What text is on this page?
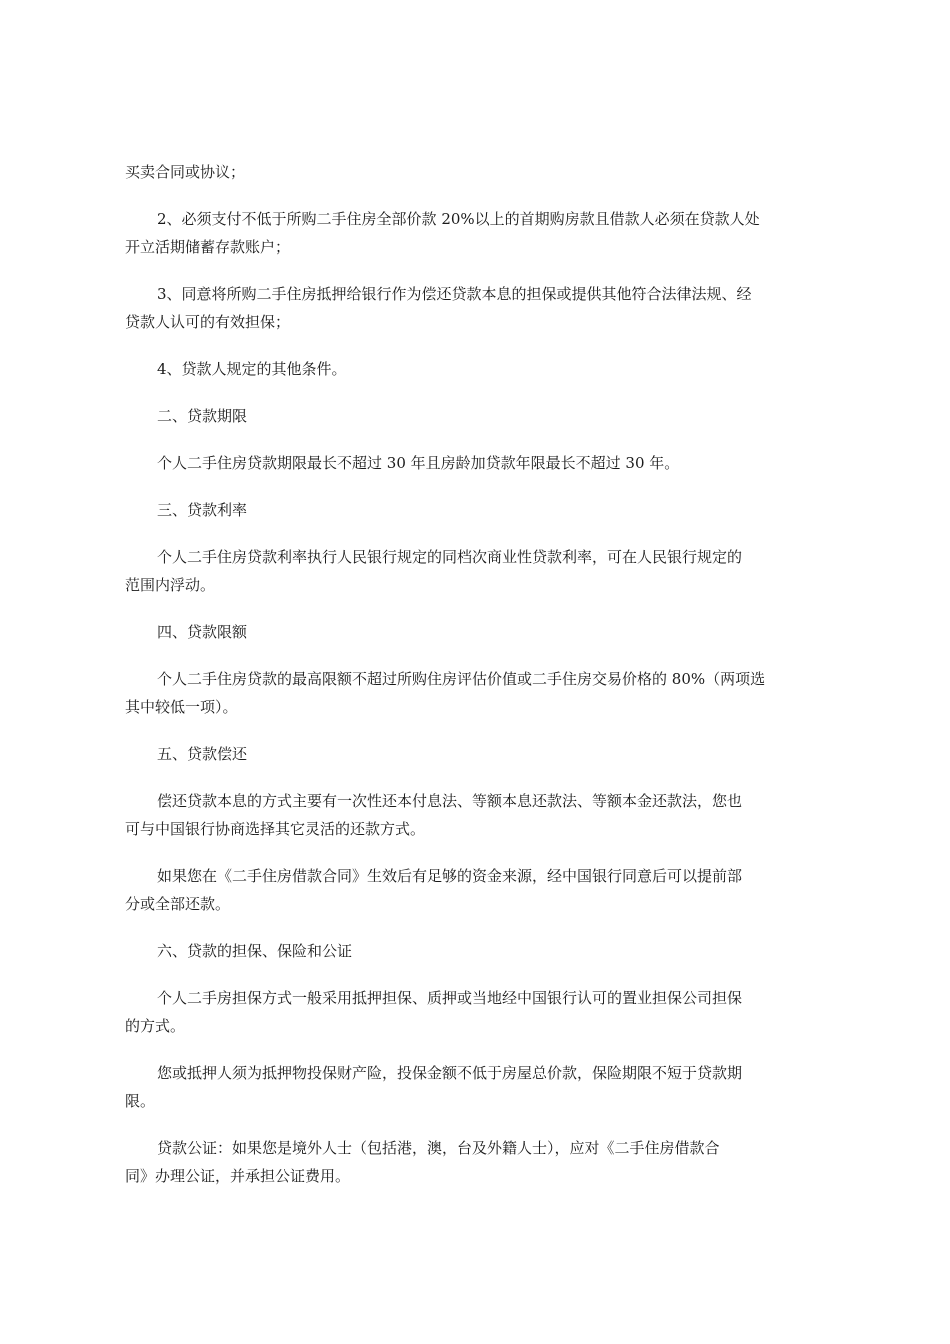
买卖合同或协议；
2、必须支付不低于所购二手住房全部价款 20%以上的首期购房款且借款人必须在贷款人处
开立活期储蓄存款账户；
3、同意将所购二手住房抵押给银行作为偿还贷款本息的担保或提供其他符合法律法规、经
贷款人认可的有效担保；
4、贷款人规定的其他条件。
二、贷款期限
个人二手住房贷款期限最长不超过 30 年且房龄加贷款年限最长不超过 30 年。
三、贷款利率
个人二手住房贷款利率执行人民银行规定的同档次商业性贷款利率，可在人民银行规定的
范围内浮动。
四、贷款限额
个人二手住房贷款的最高限额不超过所购住房评估价值或二手住房交易价格的 80%（两项选
其中较低一项）。
五、贷款偿还
偿还贷款本息的方式主要有一次性还本付息法、等额本息还款法、等额本金还款法，您也
可与中国银行协商选择其它灵活的还款方式。
如果您在《二手住房借款合同》生效后有足够的资金来源，经中国银行同意后可以提前部
分或全部还款。
六、贷款的担保、保险和公证
个人二手房担保方式一般采用抵押担保、质押或当地经中国银行认可的置业担保公司担保
的方式。
您或抵押人须为抵押物投保财产险，投保金额不低于房屋总价款，保险期限不短于贷款期
限。
贷款公证：如果您是境外人士（包括港，澳，台及外籍人士），应对《二手住房借款合
同》办理公证，并承担公证费用。
